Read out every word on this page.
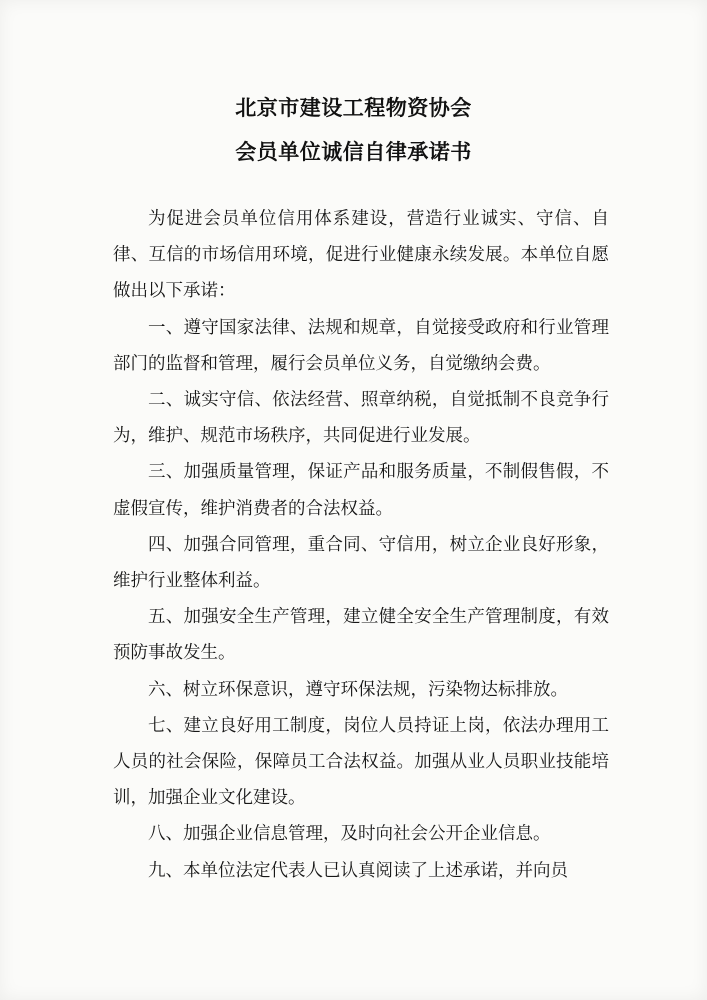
北京市建设工程物资协会
会员单位诚信自律承诺书

为促进会员单位信用体系建设，营造行业诚实、守信、自律、互信的市场信用环境，促进行业健康永续发展。本单位自愿做出以下承诺：

一、遵守国家法律、法规和规章，自觉接受政府和行业管理部门的监督和管理，履行会员单位义务，自觉缴纳会费。

二、诚实守信、依法经营、照章纳税，自觉抵制不良竞争行为，维护、规范市场秩序，共同促进行业发展。

三、加强质量管理，保证产品和服务质量，不制假售假，不虚假宣传，维护消费者的合法权益。

四、加强合同管理，重合同、守信用，树立企业良好形象，维护行业整体利益。

五、加强安全生产管理，建立健全安全生产管理制度，有效预防事故发生。

六、树立环保意识，遵守环保法规，污染物达标排放。

七、建立良好用工制度，岗位人员持证上岗，依法办理用工人员的社会保险，保障员工合法权益。加强从业人员职业技能培训，加强企业文化建设。

八、加强企业信息管理，及时向社会公开企业信息。

九、本单位法定代表人已认真阅读了上述承诺，并向员
